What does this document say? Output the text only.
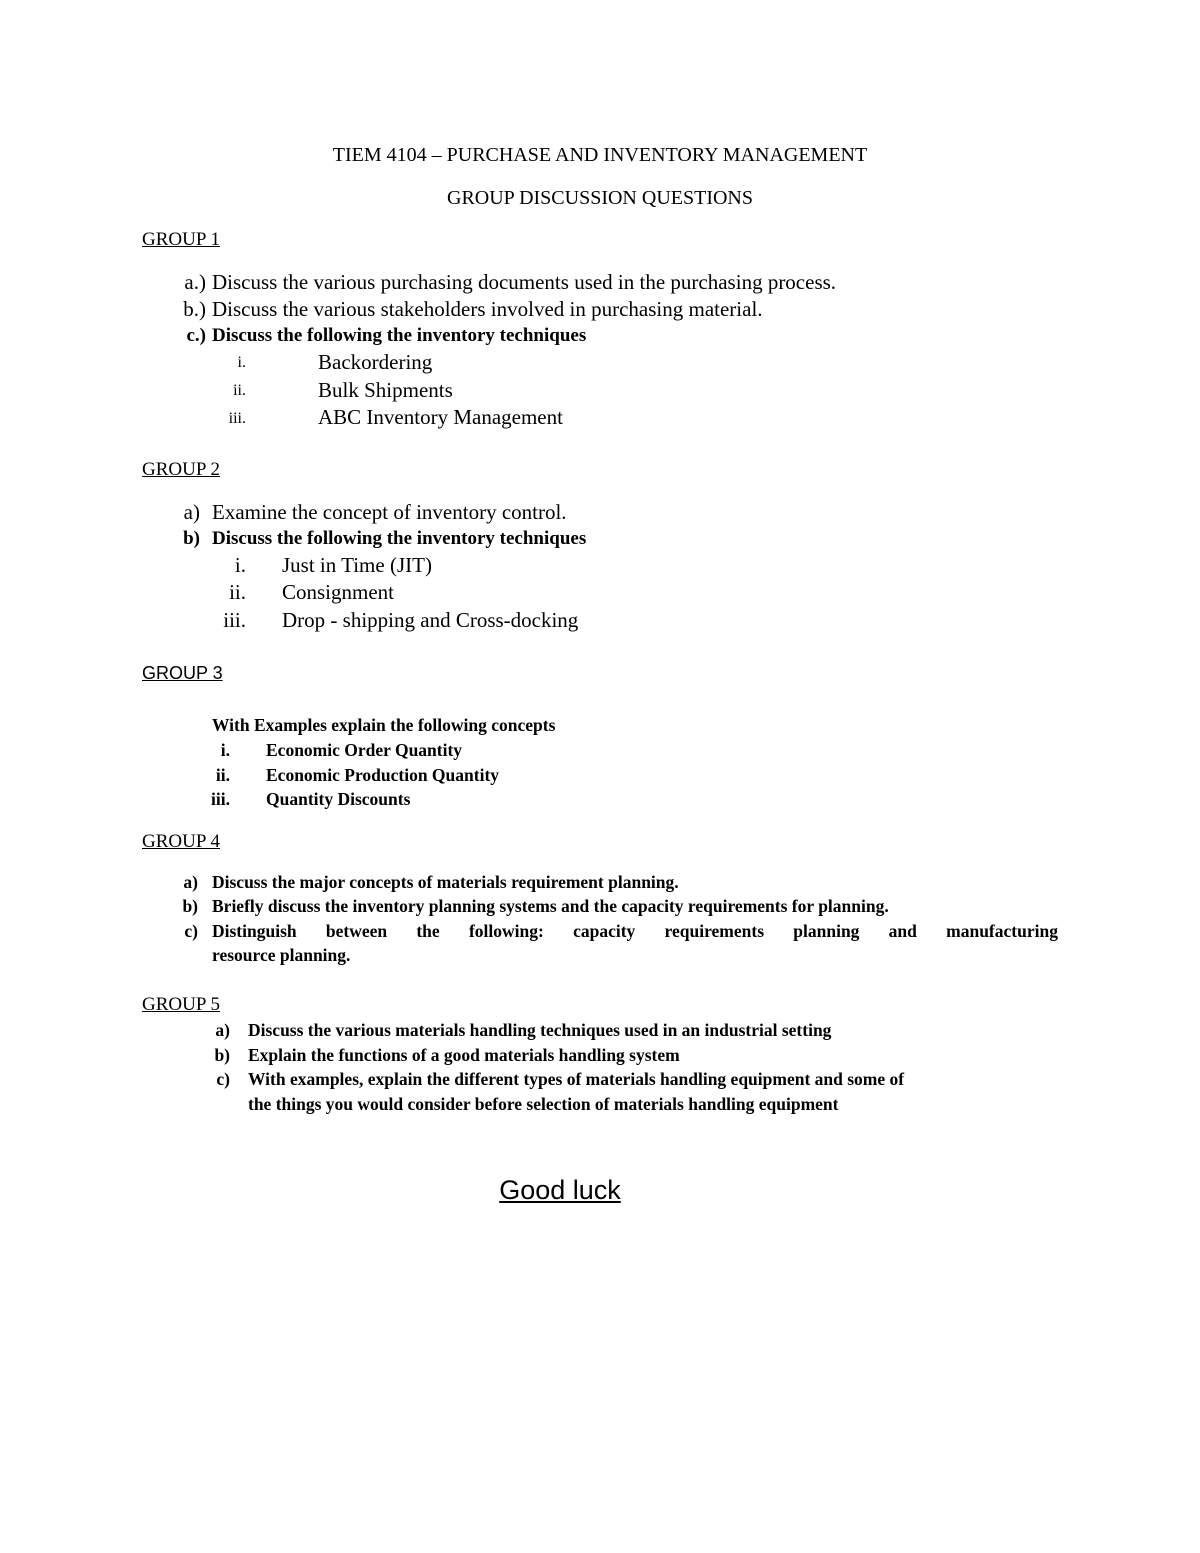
TIEM 4104 – PURCHASE AND INVENTORY MANAGEMENT
GROUP DISCUSSION QUESTIONS
GROUP 1
a.) Discuss the various purchasing documents used in the purchasing process.
b.) Discuss the various stakeholders involved in purchasing material.
c.) Discuss the following the inventory techniques
i.	Backordering
ii.	Bulk Shipments
iii.	ABC Inventory Management
GROUP 2
a) Examine the concept of inventory control.
b) Discuss the following the inventory techniques
i. Just in Time (JIT)
ii. Consignment
iii. Drop - shipping and Cross-docking
GROUP 3
With Examples explain the following concepts
i. Economic Order Quantity
ii. Economic Production Quantity
iii. Quantity Discounts
GROUP 4
a) Discuss the major concepts of materials requirement planning.
b) Briefly discuss the inventory planning systems and the capacity requirements for planning.
c) Distinguish between the following: capacity requirements planning and manufacturing
resource planning.
GROUP 5
a) Discuss the various materials handling techniques used in an industrial setting
b) Explain the functions of a good materials handling system
c) With examples, explain the different types of materials handling equipment and some of
the things you would consider before selection of materials handling equipment
Good luck
